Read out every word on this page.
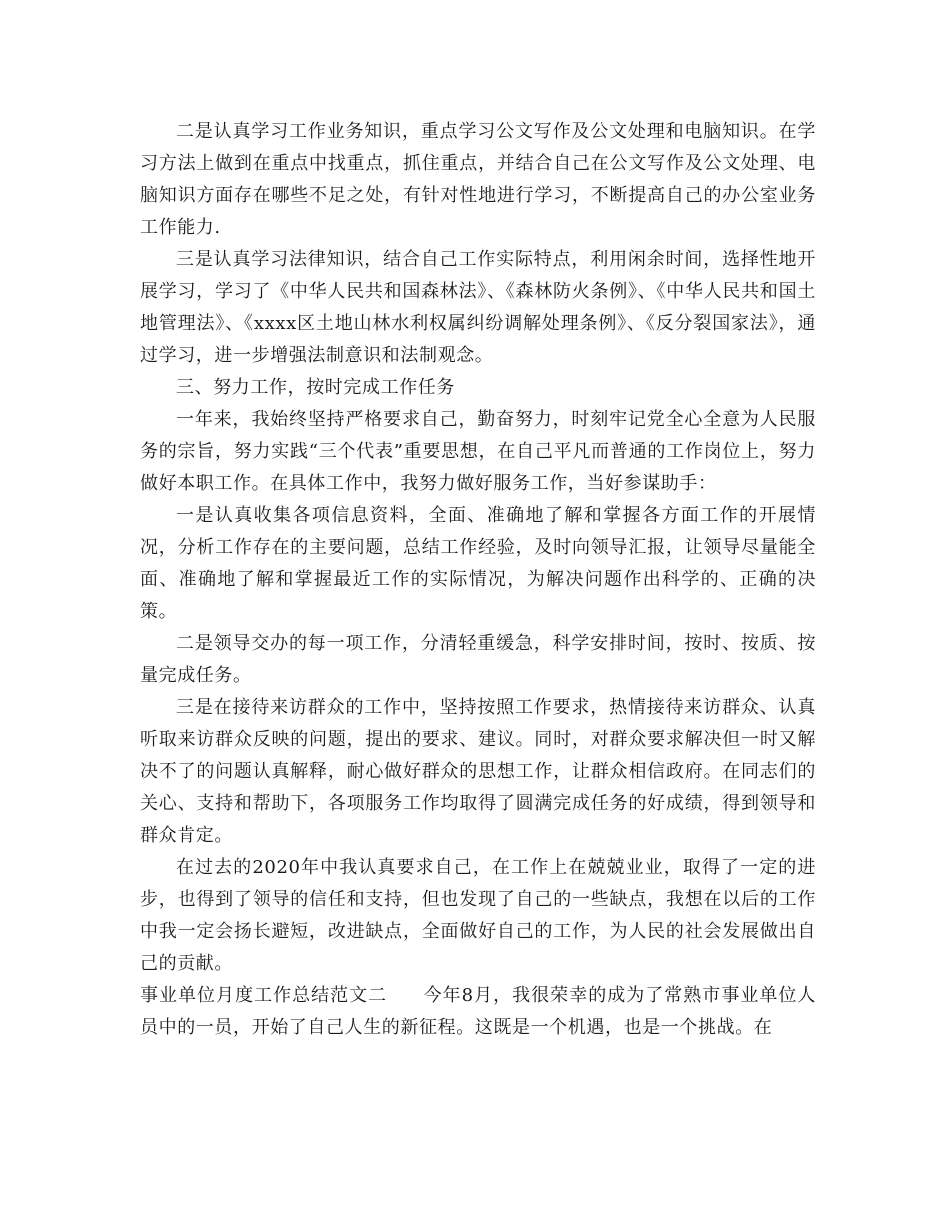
二是认真学习工作业务知识，重点学习公文写作及公文处理和电脑知识。在学习方法上做到在重点中找重点，抓住重点，并结合自己在公文写作及公文处理、电脑知识方面存在哪些不足之处，有针对性地进行学习，不断提高自己的办公室业务工作能力.

三是认真学习法律知识，结合自己工作实际特点，利用闲余时间，选择性地开展学习，学习了《中华人民共和国森林法》、《森林防火条例》、《中华人民共和国土地管理法》、《xxxx区土地山林水利权属纠纷调解处理条例》、《反分裂国家法》，通过学习，进一步增强法制意识和法制观念。

三、努力工作，按时完成工作任务

一年来，我始终坚持严格要求自己，勤奋努力，时刻牢记党全心全意为人民服务的宗旨，努力实践“三个代表”重要思想，在自己平凡而普通的工作岗位上，努力做好本职工作。在具体工作中，我努力做好服务工作，当好参谋助手：

一是认真收集各项信息资料，全面、准确地了解和掌握各方面工作的开展情况，分析工作存在的主要问题，总结工作经验，及时向领导汇报，让领导尽量能全面、准确地了解和掌握最近工作的实际情况，为解决问题作出科学的、正确的决策。

二是领导交办的每一项工作，分清轻重缓急，科学安排时间，按时、按质、按量完成任务。

三是在接待来访群众的工作中，坚持按照工作要求，热情接待来访群众、认真听取来访群众反映的问题，提出的要求、建议。同时，对群众要求解决但一时又解决不了的问题认真解释，耐心做好群众的思想工作，让群众相信政府。在同志们的关心、支持和帮助下，各项服务工作均取得了圆满完成任务的好成绩，得到领导和群众肯定。

在过去的2020年中我认真要求自己，在工作上在兢兢业业，取得了一定的进步，也得到了领导的信任和支持，但也发现了自己的一些缺点，我想在以后的工作中我一定会扬长避短，改进缺点，全面做好自己的工作，为人民的社会发展做出自己的贡献。

事业单位月度工作总结范文二 今年8月，我很荣幸的成为了常熟市事业单位人员中的一员，开始了自己人生的新征程。这既是一个机遇，也是一个挑战。在
